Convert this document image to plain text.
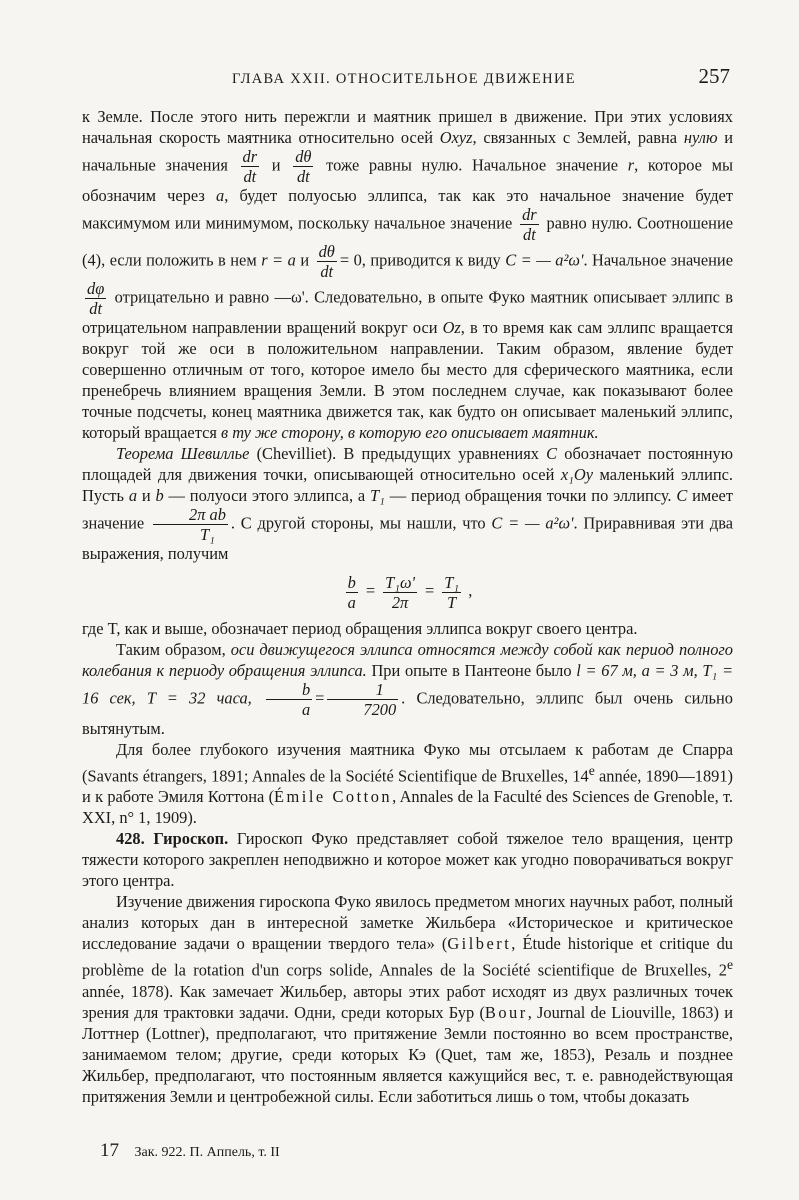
ГЛАВА XXII. ОТНОСИТЕЛЬНОЕ ДВИЖЕНИЕ	257

к Земле. После этого нить пережгли и маятник пришел в движение. При этих условиях начальная скорость маятника относительно осей Oxyz, связанных с Землей, равна нулю и начальные значения $\frac{dr}{dt}$ и $\frac{d\theta}{dt}$ тоже равны нулю. Начальное значение r, которое мы обозначим через a, будет полуосью эллипса, так как это начальное значение будет максимумом или минимумом, поскольку начальное значение $\frac{dr}{dt}$ равно нулю. Соотношение (4), если положить в нем r = a и $\frac{d\theta}{dt} = 0$, приводится к виду C = — a²ω'. Начальное значение
$\frac{d\varphi}{dt}$ отрицательно и равно —ω'. Следовательно, в опыте Фуко маятник описывает эллипс в отрицательном направлении вращений вокруг оси Oz, в то время как сам эллипс вращается вокруг той же оси в положительном направлении. Таким образом, явление будет совершенно отличным от того, которое имело бы место для сферического маятника, если пренебречь влиянием вращения Земли. В этом последнем случае, как показывают более точные подсчеты, конец маятника движется так, как будто он описывает маленький эллипс, который вращается в ту же сторону, в которую его описывает маятник.

Теорема Шевиллье (Chevilliet). В предыдущих уравнениях C обозначает постоянную площадей для движения точки, описывающей относительно осей x₁Oy маленький эллипс. Пусть a и b — полуоси этого эллипса, а T₁ — период обращения точки по эллипсу. C имеет значение $\frac{\text{2π ab}}{\text{T₁}}$ . С другой стороны, мы нашли, что C = — a²ω'. Приравнивая эти два выражения, получим

$\frac{b}{a} = \frac{\text{T₁ω'}}{2\pi} = \frac{\text{T₁}}{T}$ ,

где T, как и выше, обозначает период обращения эллипса вокруг своего центра.

Таким образом, оси движущегося эллипса относятся между собой как период полного колебания к периоду обращения эллипса. При опыте в Пантеоне было l = 67 м, a = 3 м, T₁ = 16 сек, T = 32 часа, $\frac{b}{a} = \frac{1}{7200}$ . Следовательно, эллипс был очень сильно вытянутым.

Для более глубокого изучения маятника Фуко мы отсылаем к работам де Спарра (Savants étrangers, 1891; Annales de la Société Scientifique de Bruxelles, 14e année, 1890—1891) и к работе Эмиля Коттона (Émile Cotton, Annales de la Faculté des Sciences de Grenoble, т. XXI, n° 1, 1909).

428. Гироскоп. Гироскоп Фуко представляет собой тяжелое тело вращения, центр тяжести которого закреплен неподвижно и которое может как угодно поворачиваться вокруг этого центра.

Изучение движения гироскопа Фуко явилось предметом многих научных работ, полный анализ которых дан в интересной заметке Жильбера «Историческое и критическое исследование задачи о вращении твердого тела» (Gilbert, Étude historique et critique du problème de la rotation d'un corps solide, Annales de la Société scientifique de Bruxelles, 2e année, 1878). Как замечает Жильбер, авторы этих работ исходят из двух различных точек зрения для трактовки задачи. Одни, среди которых Бур (Bour, Journal de Liouville, 1863) и Лоттнер (Lottner), предполагают, что притяжение Земли постоянно во всем пространстве, занимаемом телом; другие, среди которых Кэ (Quet, там же, 1853), Резаль и позднее Жильбер, предполагают, что постоянным является кажущийся вес, т. е. равнодействующая притяжения Земли и центробежной силы. Если заботиться лишь о том, чтобы доказать

17 Зак. 922. П. Аппель, т. II
